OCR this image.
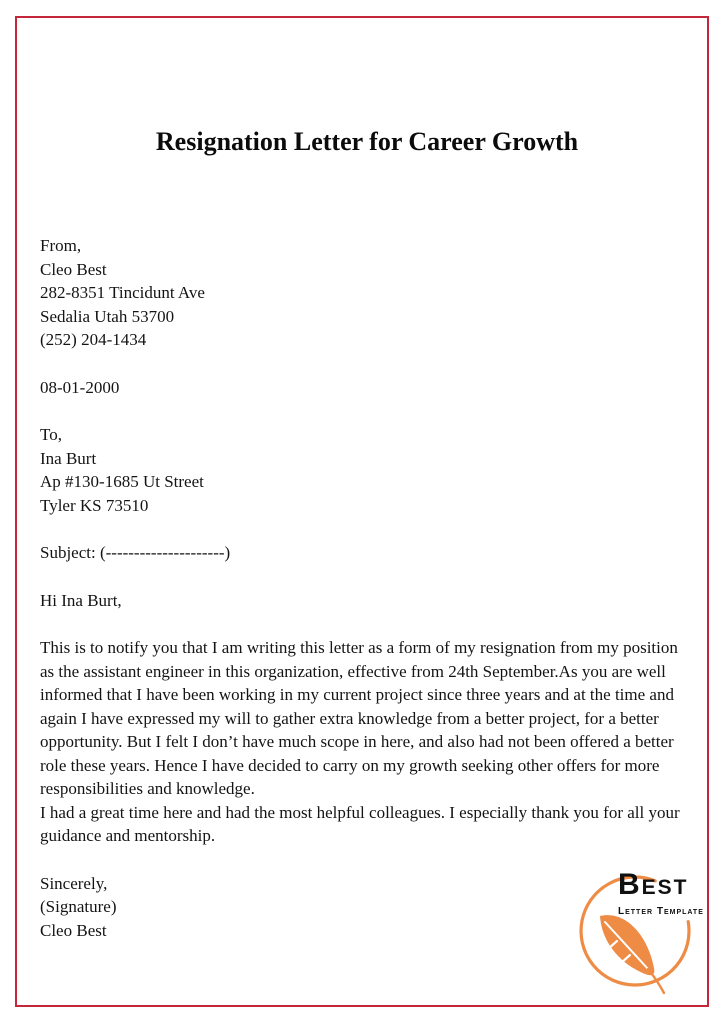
Resignation Letter for Career Growth
From,
Cleo Best
282-8351 Tincidunt Ave
Sedalia Utah 53700
(252) 204-1434
08-01-2000
To,
Ina Burt
Ap #130-1685 Ut Street
Tyler KS 73510
Subject: (---------------------)
Hi Ina Burt,

This is to notify you that I am writing this letter as a form of my resignation from my position as the assistant engineer in this organization, effective from 24th September.As you are well informed that I have been working in my current project since three years and at the time and again I have expressed my will to gather extra knowledge from a better project, for a better opportunity. But I felt I don’t have much scope in here, and also had not been offered a better role these years. Hence I have decided to carry on my growth seeking other offers for more responsibilities and knowledge.

I had a great time here and had the most helpful colleagues. I especially thank you for all your guidance and mentorship.

Sincerely,
(Signature)
Cleo Best
BEST
Letter Template
